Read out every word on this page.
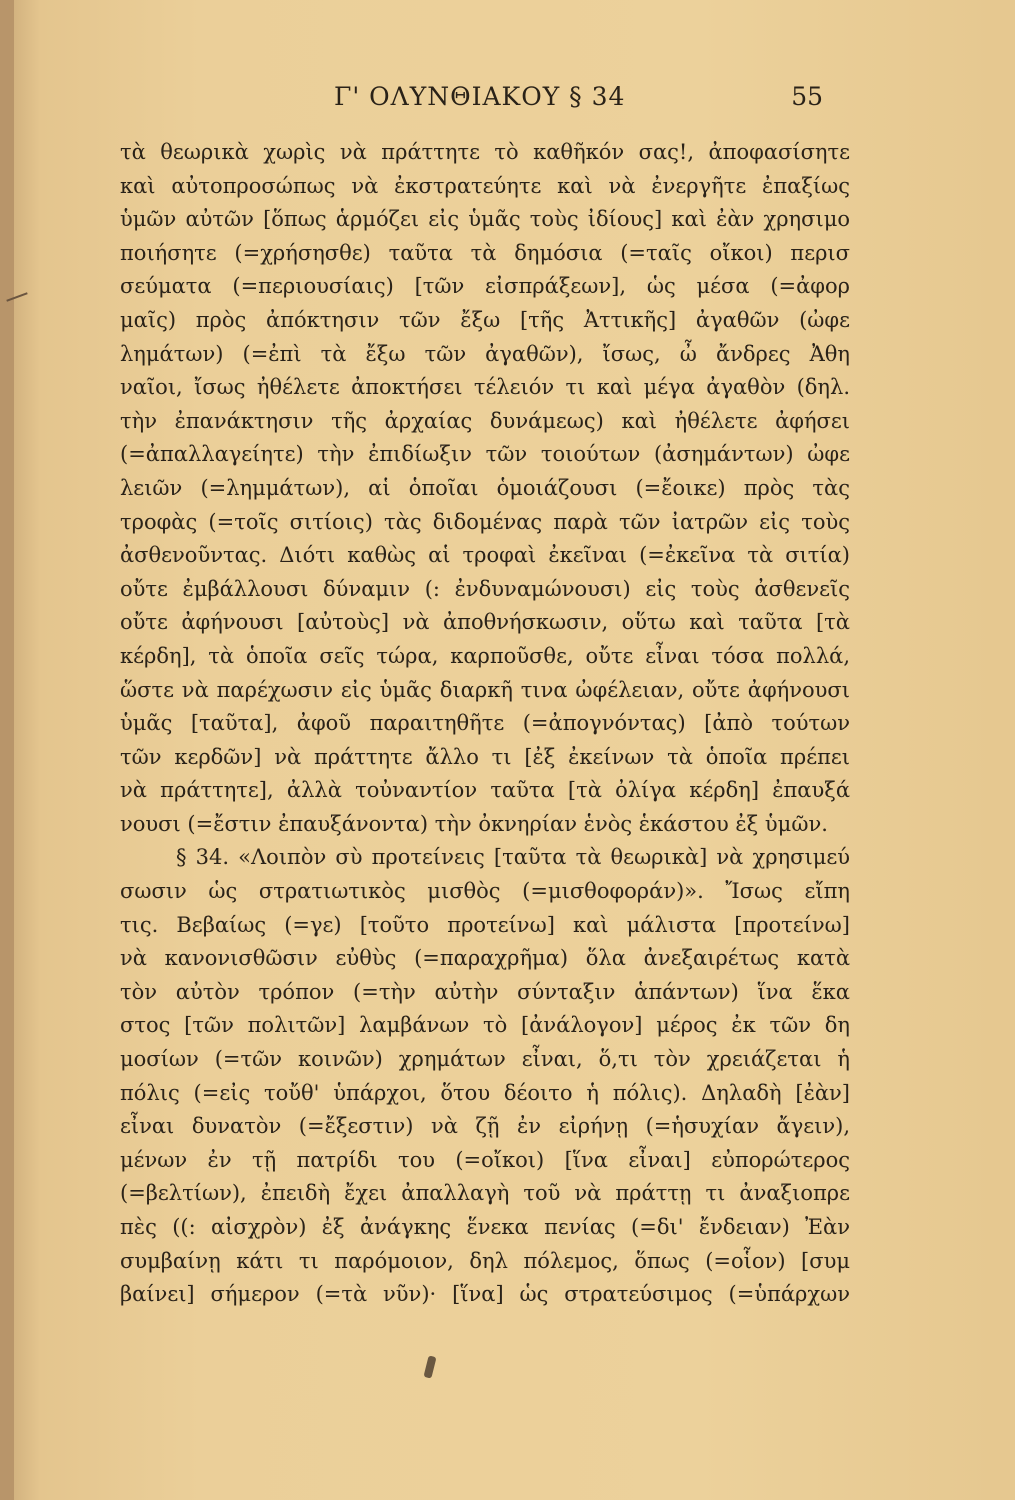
Γ' ΟΛΥΝΘΙΑΚΟΥ § 34	55
τὰ θεωρικὰ χωρὶς νὰ πράττητε τὸ καθῆκόν σας!, ἀποφασίσητε
καὶ αὐτοπροσώπως νὰ ἐκστρατεύητε καὶ νὰ ἐνεργῆτε ἐπαξίως
ὑμῶν αὐτῶν [ὅπως ἁρμόζει εἰς ὑμᾶς τοὺς ἰδίους] καὶ ἐὰν χρησιμο
ποιήσητε (=χρήσησθε) ταῦτα τὰ δημόσια (=ταῖς οἴκοι) περισ
σεύματα (=περιουσίαις) [τῶν εἰσπράξεων], ὡς μέσα (=ἀφορ
μαῖς) πρὸς ἀπόκτησιν τῶν ἔξω [τῆς Ἀττικῆς] ἀγαθῶν (ὠφε
λημάτων) (=ἐπὶ τὰ ἔξω τῶν ἀγαθῶν), ἴσως, ὦ ἄνδρες Ἀθη
ναῖοι, ἴσως ἠθέλετε ἀποκτήσει τέλειόν τι καὶ μέγα ἀγαθὸν (δηλ.
τὴν ἐπανάκτησιν τῆς ἀρχαίας δυνάμεως) καὶ ἠθέλετε ἀφήσει
(=ἀπαλλαγείητε) τὴν ἐπιδίωξιν τῶν τοιούτων (ἀσημάντων) ὠφε
λειῶν (=λημμάτων), αἱ ὁποῖαι ὁμοιάζουσι (=ἔοικε) πρὸς τὰς
τροφὰς (=τοῖς σιτίοις) τὰς διδομένας παρὰ τῶν ἰατρῶν εἰς τοὺς
ἀσθενοῦντας. Διότι καθὼς αἱ τροφαὶ ἐκεῖναι (=ἐκεῖνα τὰ σιτία)
οὔτε ἐμβάλλουσι δύναμιν (: ἐνδυναμώνουσι) εἰς τοὺς ἀσθενεῖς
οὔτε ἀφήνουσι [αὐτοὺς] νὰ ἀποθνήσκωσιν, οὕτω καὶ ταῦτα [τὰ
κέρδη], τὰ ὁποῖα σεῖς τώρα, καρποῦσθε, οὔτε εἶναι τόσα πολλά,
ὥστε νὰ παρέχωσιν εἰς ὑμᾶς διαρκῆ τινα ὠφέλειαν, οὔτε ἀφήνουσι
ὑμᾶς [ταῦτα], ἀφοῦ παραιτηθῆτε (=ἀπογνόντας) [ἀπὸ τούτων
τῶν κερδῶν] νὰ πράττητε ἄλλο τι [ἐξ ἐκείνων τὰ ὁποῖα πρέπει
νὰ πράττητε], ἀλλὰ τοὐναντίον ταῦτα [τὰ ὀλίγα κέρδη] ἐπαυξά
νουσι (=ἔστιν ἐπαυξάνοντα) τὴν ὀκνηρίαν ἑνὸς ἑκάστου ἐξ ὑμῶν.
§ 34. «Λοιπὸν σὺ προτείνεις [ταῦτα τὰ θεωρικὰ] νὰ χρησιμεύ
σωσιν ὡς στρατιωτικὸς μισθὸς (=μισθοφοράν)». Ἴσως εἴπη
τις. Βεβαίως (=γε) [τοῦτο προτείνω] καὶ μάλιστα [προτείνω]
νὰ κανονισθῶσιν εὐθὺς (=παραχρῆμα) ὅλα ἀνεξαιρέτως κατὰ
τὸν αὐτὸν τρόπον (=τὴν αὐτὴν σύνταξιν ἁπάντων) ἵνα ἕκα
στος [τῶν πολιτῶν] λαμβάνων τὸ [ἀνάλογον] μέρος ἐκ τῶν δη
μοσίων (=τῶν κοινῶν) χρημάτων εἶναι, ὅ,τι τὸν χρειάζεται ἡ
πόλις (=εἰς τοὔθ' ὑπάρχοι, ὅτου δέοιτο ἡ πόλις). Δηλαδὴ [ἐὰν]
εἶναι δυνατὸν (=ἔξεστιν) νὰ ζῇ ἐν εἰρήνῃ (=ἡσυχίαν ἄγειν),
μένων ἐν τῇ πατρίδι του (=οἴκοι) [ἵνα εἶναι] εὐπορώτερος
(=βελτίων), ἐπειδὴ ἔχει ἀπαλλαγὴ τοῦ νὰ πράττῃ τι ἀναξιοπρε
πὲς ((: αἰσχρὸν) ἐξ ἀνάγκης ἕνεκα πενίας (=δι' ἔνδειαν) Ἐὰν
συμβαίνῃ κάτι τι παρόμοιον, δηλ πόλεμος, ὅπως (=οἷον) [συμ
βαίνει] σήμερον (=τὰ νῦν)· [ἵνα] ὡς στρατεύσιμος (=ὑπάρχων
